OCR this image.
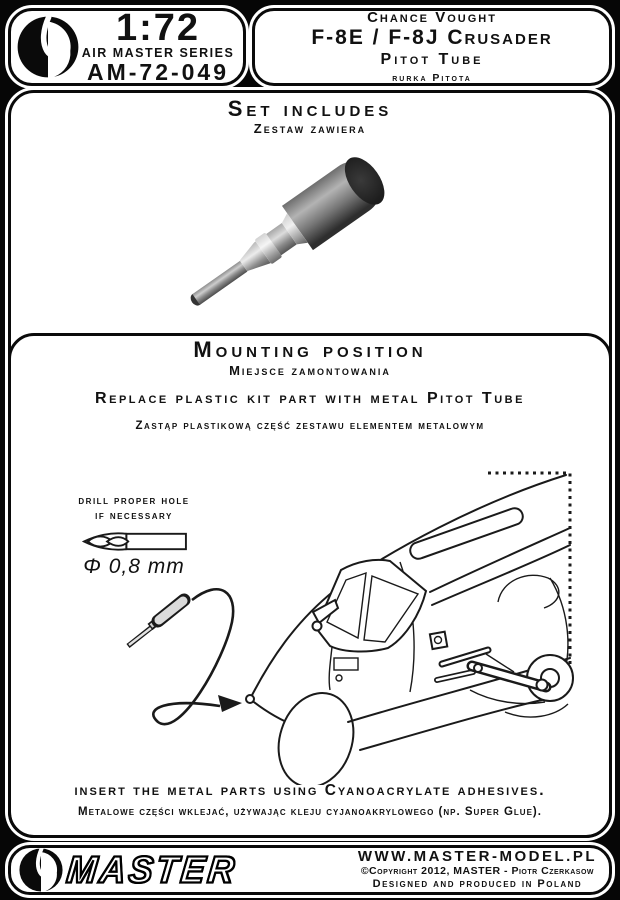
1:72
AIR MASTER SERIES
AM-72-049
Chance Vought
F-8E / F-8J Crusader
Pitot Tube
rurka Pitota
Set includes
Zestaw zawiera
Mounting position
Miejsce zamontowania
Replace plastic kit part with metal Pitot Tube
Zastąp plastikową część zestawu elementem metalowym
drill proper hole
if necessary
Φ 0,8 mm
insert the metal parts using Cyanoacrylate adhesives.
Metalowe części wklejać, używając kleju cyjanoakrylowego (np. Super Glue).
MASTER	WWW.MASTER-MODEL.PL
©Copyright 2012, MASTER - Piotr Czerkasow
Designed and produced in Poland
